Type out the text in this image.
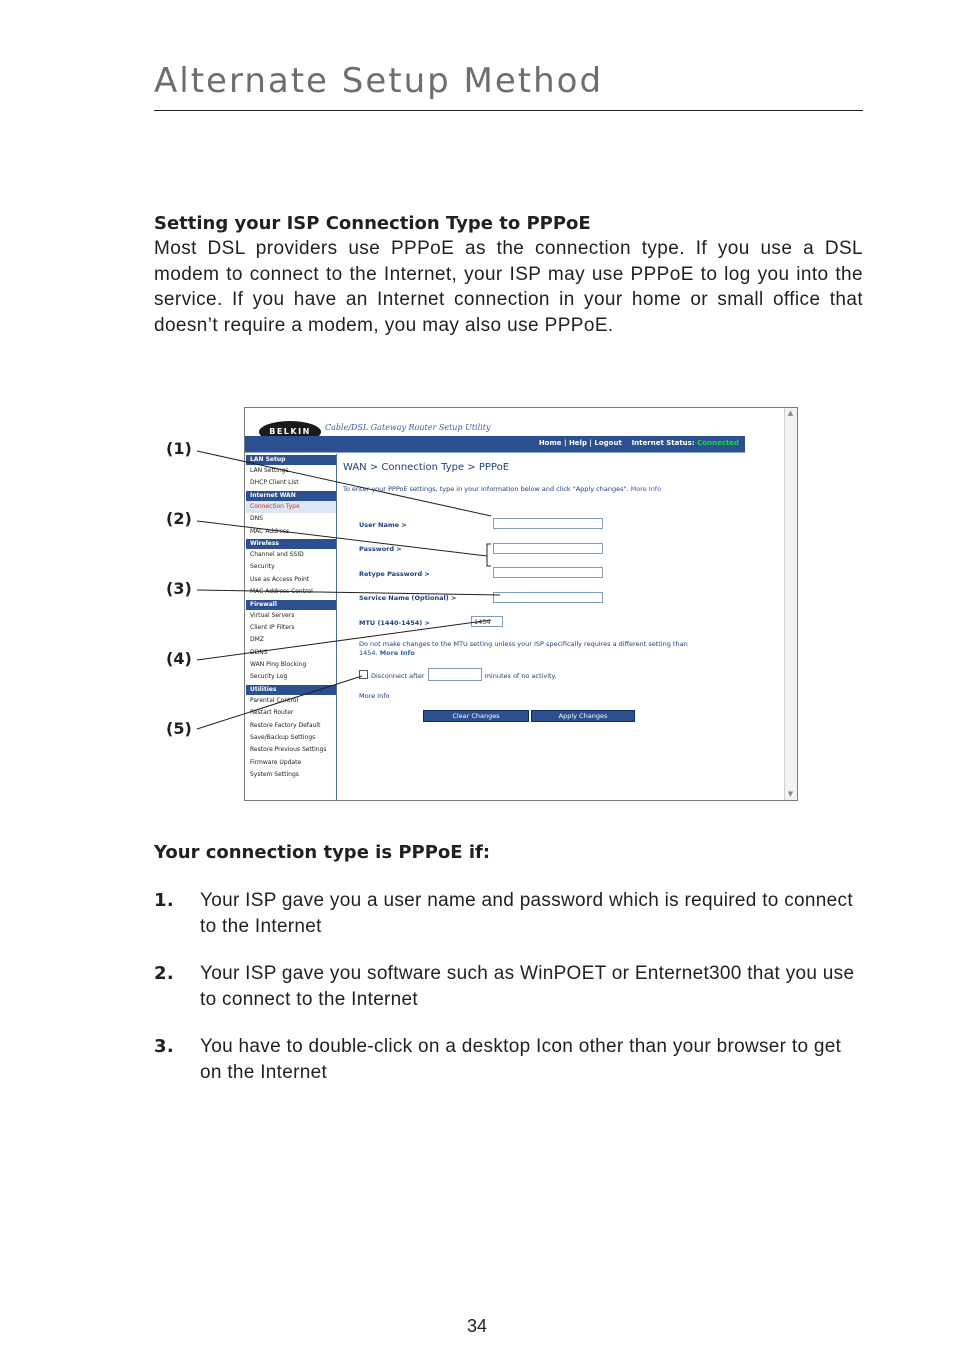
Alternate Setup Method
Setting your ISP Connection Type to PPPoE

Most DSL providers use PPPoE as the connection type. If you use a DSL modem to connect to the Internet, your ISP may use PPPoE to log you into the service. If you have an Internet connection in your home or small office that doesn’t require a modem, you may also use PPPoE.

(1)
(2)
(3)
(4)
(5)
BELKIN	Cable/DSL Gateway Router Setup Utility
Home | Help | Logout Internet Status: Connected
LAN Setup
LAN Settings
DHCP Client List
Internet WAN
Connection Type
DNS
MAC Address
Wireless
Channel and SSID
Security
Use as Access Point
MAC Address Control
Firewall
Virtual Servers
Client IP Filters
DMZ
DDNS
WAN Ping Blocking
Security Log
Utilities
Parental Control
Restart Router
Restore Factory Default
Save/Backup Settings
Restore Previous Settings
Firmware Update
System Settings
WAN > Connection Type > PPPoE
To enter your PPPoE settings, type in your information below and click "Apply changes". More Info
User Name >
Password >
Retype Password >
Service Name (Optional) >
MTU (1440-1454) >	1454
Do not make changes to the MTU setting unless your ISP specifically requires a different setting than 1454. More Info
Disconnect after	minutes of no activity.
More Info
Clear Changes	Apply Changes
▲
▼
Your connection type is PPPoE if:
1. Your ISP gave you a user name and password which is required to connect to the Internet
2. Your ISP gave you software such as WinPOET or Enternet300 that you use to connect to the Internet
3. You have to double-click on a desktop Icon other than your browser to get on the Internet
34
